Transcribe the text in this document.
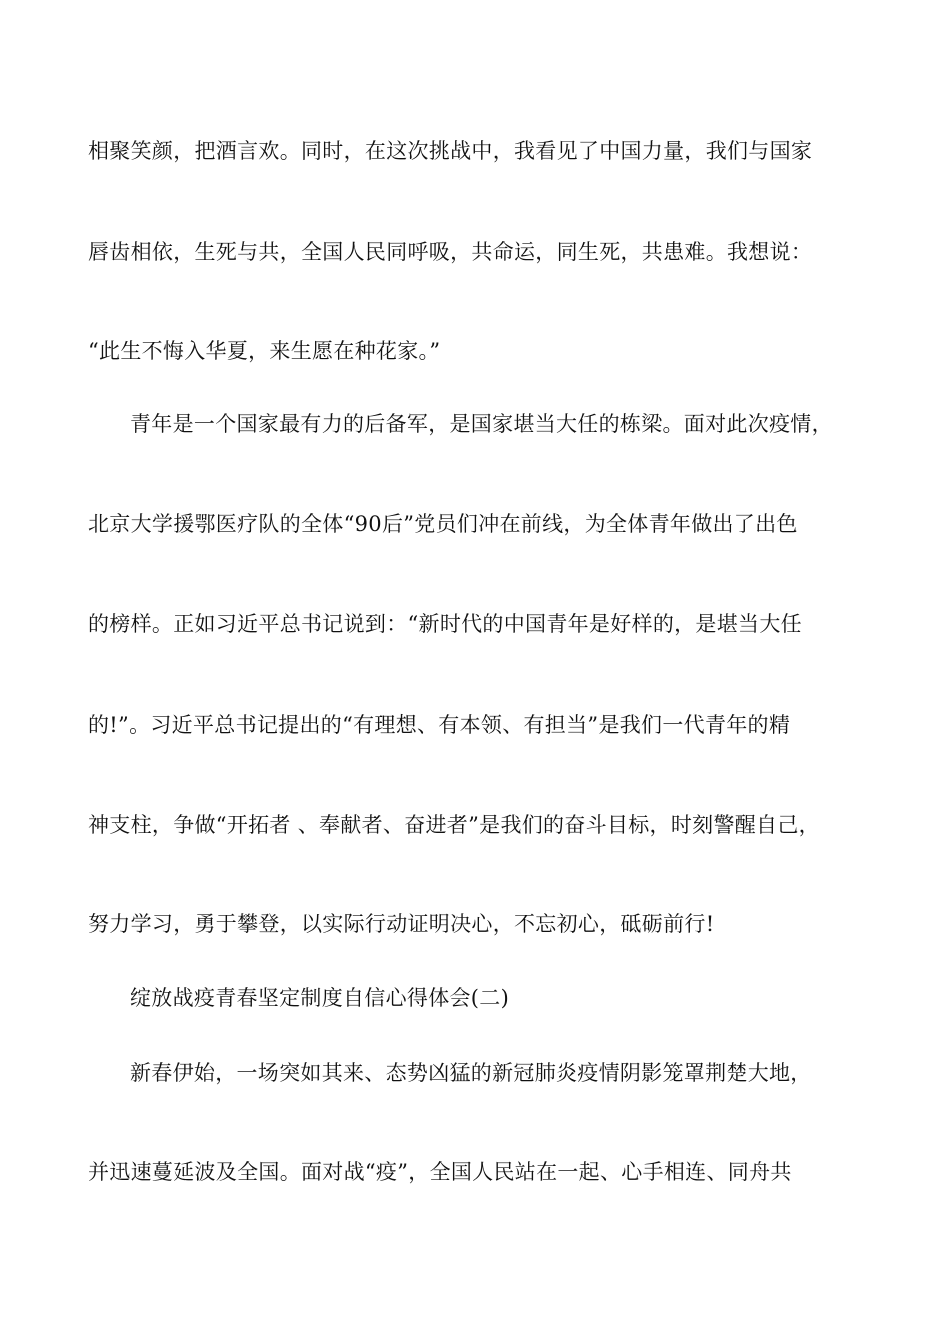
相聚笑颜，把酒言欢。同时，在这次挑战中，我看见了中国力量，我们与国家
唇齿相依，生死与共，全国人民同呼吸，共命运，同生死，共患难。我想说：
“此生不悔入华夏，来生愿在种花家。”
青年是一个国家最有力的后备军，是国家堪当大任的栋梁。面对此次疫情，
北京大学援鄂医疗队的全体“90后”党员们冲在前线，为全体青年做出了出色
的榜样。正如习近平总书记说到：“新时代的中国青年是好样的，是堪当大任
的!”。习近平总书记提出的“有理想、有本领、有担当”是我们一代青年的精
神支柱，争做“开拓者 、奉献者、奋进者”是我们的奋斗目标，时刻警醒自己，
努力学习，勇于攀登，以实际行动证明决心，不忘初心，砥砺前行!
绽放战疫青春坚定制度自信心得体会(二)
新春伊始，一场突如其来、态势凶猛的新冠肺炎疫情阴影笼罩荆楚大地，
并迅速蔓延波及全国。面对战“疫”，全国人民站在一起、心手相连、同舟共
